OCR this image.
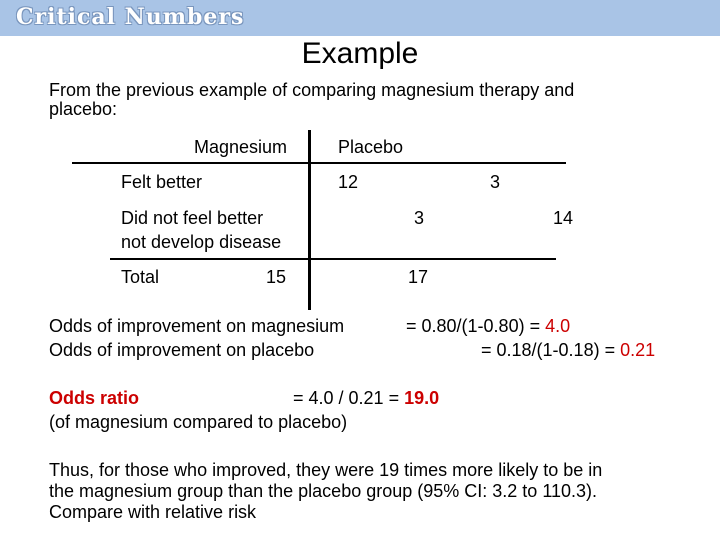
Critical Numbers
Example
From the previous example of comparing magnesium therapy and
placebo:
Magnesium	Placebo
Felt better	12	3
Did not feel better
not develop disease
3	14
Total	15	17
Odds of improvement on magnesium	= 0.80/(1-0.80) = 4.0
Odds of improvement on placebo	= 0.18/(1-0.18) = 0.21
Odds ratio	= 4.0 / 0.21 = 19.0
(of magnesium compared to placebo)
Thus, for those who improved, they were 19 times more likely to be in
the magnesium group than the placebo group (95% CI: 3.2 to 110.3).
Compare with relative risk
